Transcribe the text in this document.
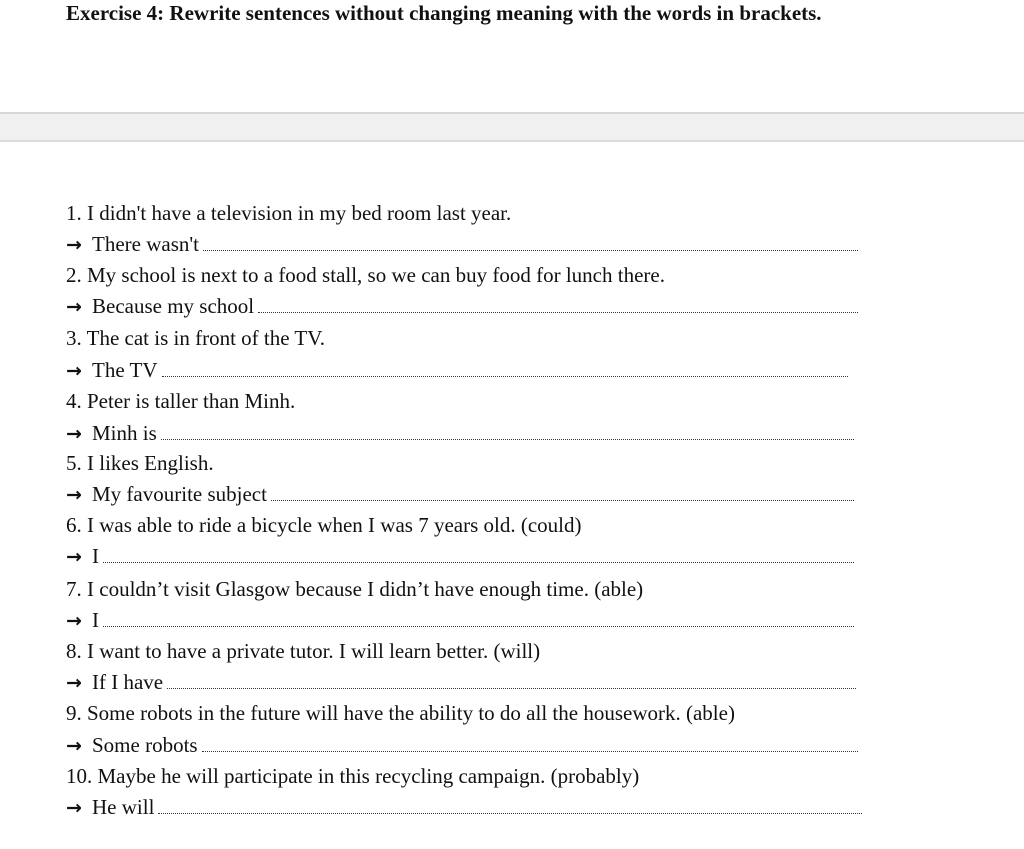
Exercise 4: Rewrite sentences without changing meaning with the words in brackets.
1. I didn't have a television in my bed room last year.
→ There wasn't
2. My school is next to a food stall, so we can buy food for lunch there.
→ Because my school
3. The cat is in front of the TV.
→ The TV
4. Peter is taller than Minh.
→ Minh is
5. I likes English.
→ My favourite subject
6. I was able to ride a bicycle when I was 7 years old. (could)
→ I
7. I couldn’t visit Glasgow because I didn’t have enough time. (able)
→ I
8. I want to have a private tutor. I will learn better. (will)
→ If I have
9. Some robots in the future will have the ability to do all the housework. (able)
→ Some robots
10. Maybe he will participate in this recycling campaign. (probably)
→ He will
